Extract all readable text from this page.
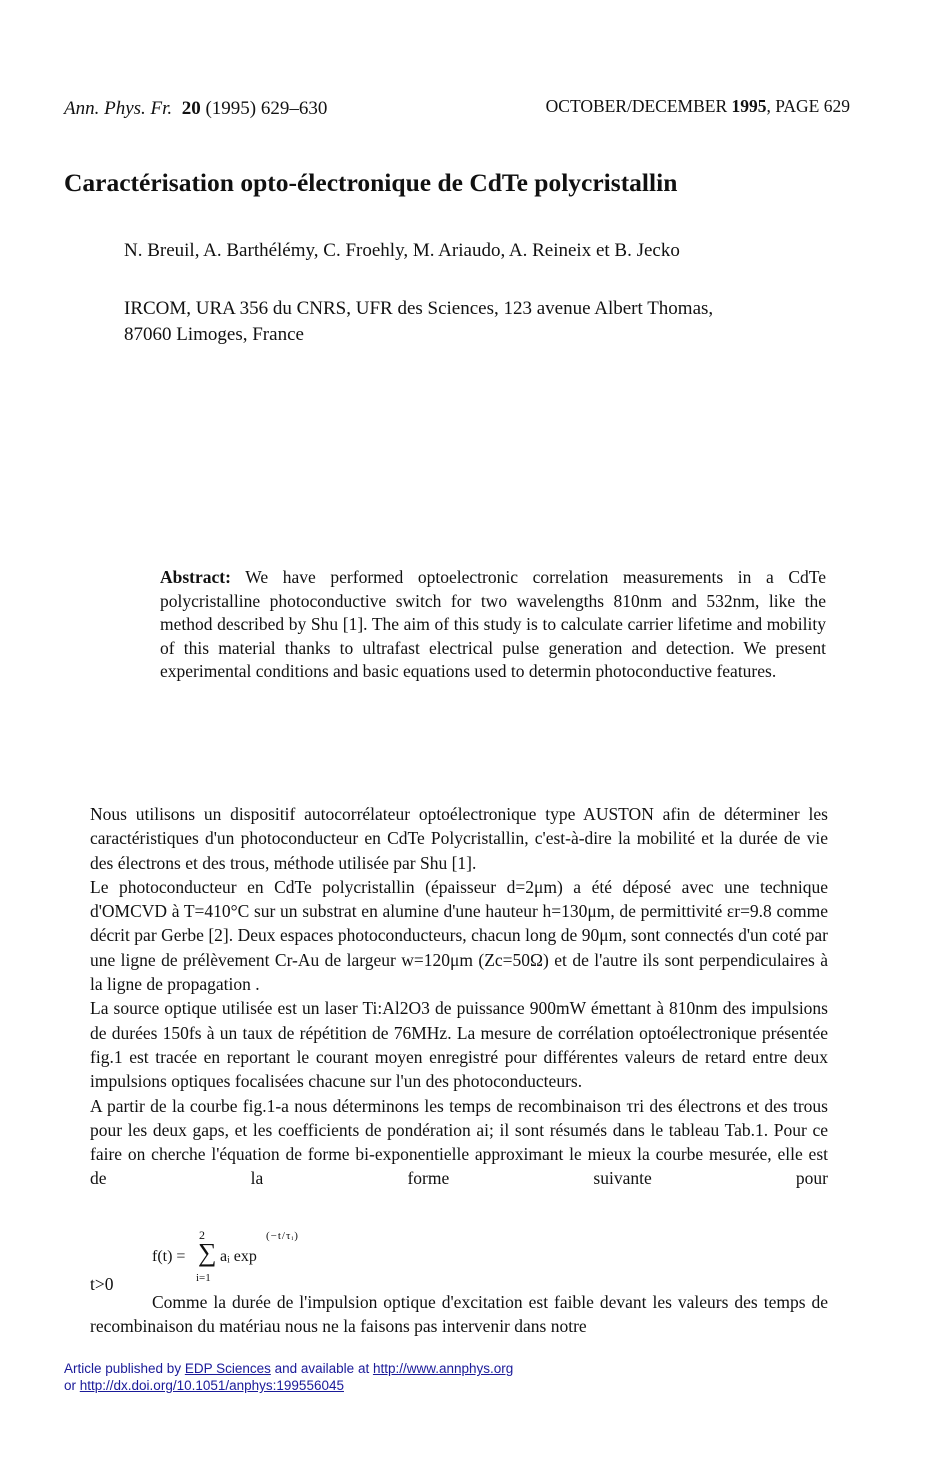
Ann. Phys. Fr. 20 (1995) 629–630	OCTOBER/DECEMBER 1995, PAGE 629
Caractérisation opto-électronique de CdTe polycristallin
N. Breuil, A. Barthélémy, C. Froehly, M. Ariaudo, A. Reineix et B. Jecko
IRCOM, URA 356 du CNRS, UFR des Sciences, 123 avenue Albert Thomas,
87060 Limoges, France
Abstract: We have performed optoelectronic correlation measurements in a CdTe polycristalline photoconductive switch for two wavelengths 810nm and 532nm, like the method described by Shu [1]. The aim of this study is to calculate carrier lifetime and mobility of this material thanks to ultrafast electrical pulse generation and detection. We present experimental conditions and basic equations used to determin photoconductive features.

Nous utilisons un dispositif autocorrélateur optoélectronique type AUSTON afin de déterminer les caractéristiques d'un photoconducteur en CdTe Polycristallin, c'est-à-dire la mobilité et la durée de vie des électrons et des trous, méthode utilisée par Shu [1].

Le photoconducteur en CdTe polycristallin (épaisseur d=2μm) a été déposé avec une technique d'OMCVD à T=410°C sur un substrat en alumine d'une hauteur h=130μm, de permittivité εr=9.8 comme décrit par Gerbe [2]. Deux espaces photoconducteurs, chacun long de 90μm, sont connectés d'un coté par une ligne de prélèvement Cr-Au de largeur w=120μm (Zc=50Ω) et de l'autre ils sont perpendiculaires à la ligne de propagation .

La source optique utilisée est un laser Ti:Al2O3 de puissance 900mW émettant à 810nm des impulsions de durées 150fs à un taux de répétition de 76MHz. La mesure de corrélation optoélectronique présentée fig.1 est tracée en reportant le courant moyen enregistré pour différentes valeurs de retard entre deux impulsions optiques focalisées chacune sur l'un des photoconducteurs.

A partir de la courbe fig.1-a nous déterminons les temps de recombinaison τri des électrons et des trous pour les deux gaps, et les coefficients de pondération ai; il sont résumés dans le tableau Tab.1. Pour ce faire on cherche l'équation de forme bi-exponentielle approximant le mieux la courbe mesurée, elle est de la forme suivante pour

f(t) =
2
∑
i=1
aᵢ exp
(−t/τᵢ)
t>0

Comme la durée de l'impulsion optique d'excitation est faible devant les valeurs des temps de recombinaison du matériau nous ne la faisons pas intervenir dans notre

Article published by EDP Sciences and available at http://www.annphys.org
or http://dx.doi.org/10.1051/anphys:199556045
